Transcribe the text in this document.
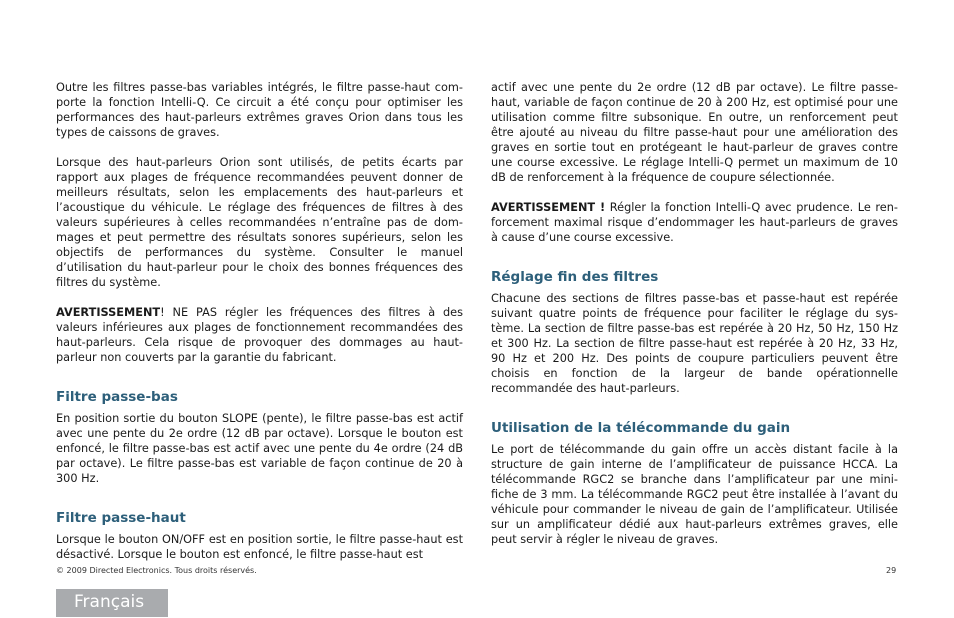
Outre les filtres passe-bas variables intégrés, le filtre passe-haut com-porte la fonction Intelli-Q. Ce circuit a été conçu pour optimiser les performances des haut-parleurs extrêmes graves Orion dans tous les types de caissons de graves.

Lorsque des haut-parleurs Orion sont utilisés, de petits écarts par rapport aux plages de fréquence recommandées peuvent donner de meilleurs résultats, selon les emplacements des haut-parleurs et l’acoustique du véhicule. Le réglage des fréquences de filtres à des valeurs supérieures à celles recommandées n’entraîne pas de dom-mages et peut permettre des résultats sonores supérieurs, selon les objectifs de performances du système. Consulter le manuel d’utilisation du haut-parleur pour le choix des bonnes fréquences des filtres du système.

AVERTISSEMENT! NE PAS régler les fréquences des filtres à des valeurs inférieures aux plages de fonctionnement recommandées des haut-parleurs. Cela risque de provoquer des dommages au haut-parleur non couverts par la garantie du fabricant.

Filtre passe-bas

En position sortie du bouton SLOPE (pente), le filtre passe-bas est actif avec une pente du 2e ordre (12 dB par octave). Lorsque le bouton est enfoncé, le filtre passe-bas est actif avec une pente du 4e ordre (24 dB par octave). Le filtre passe-bas est variable de façon continue de 20 à 300 Hz.

Filtre passe-haut

Lorsque le bouton ON/OFF est en position sortie, le filtre passe-haut est désactivé. Lorsque le bouton est enfoncé, le filtre passe-haut est

actif avec une pente du 2e ordre (12 dB par octave). Le filtre passe-haut, variable de façon continue de 20 à 200 Hz, est optimisé pour une utilisation comme filtre subsonique. En outre, un renforcement peut être ajouté au niveau du filtre passe-haut pour une amélioration des graves en sortie tout en protégeant le haut-parleur de graves contre une course excessive. Le réglage Intelli-Q permet un maximum de 10 dB de renforcement à la fréquence de coupure sélectionnée.

AVERTISSEMENT ! Régler la fonction Intelli-Q avec prudence. Le ren-forcement maximal risque d’endommager les haut-parleurs de graves à cause d’une course excessive.

Réglage fin des filtres

Chacune des sections de filtres passe-bas et passe-haut est repérée suivant quatre points de fréquence pour faciliter le réglage du sys-tème. La section de filtre passe-bas est repérée à 20 Hz, 50 Hz, 150 Hz et 300 Hz. La section de filtre passe-haut est repérée à 20 Hz, 33 Hz, 90 Hz et 200 Hz. Des points de coupure particuliers peuvent être choisis en fonction de la largeur de bande opérationnelle recommandée des haut-parleurs.

Utilisation de la télécommande du gain

Le port de télécommande du gain offre un accès distant facile à la structure de gain interne de l’amplificateur de puissance HCCA. La télécommande RGC2 se branche dans l’amplificateur par une mini-fiche de 3 mm. La télécommande RGC2 peut être installée à l’avant du véhicule pour commander le niveau de gain de l’amplificateur. Utilisée sur un amplificateur dédié aux haut-parleurs extrêmes graves, elle peut servir à régler le niveau de graves.

© 2009 Directed Electronics. Tous droits réservés.	29
Français
